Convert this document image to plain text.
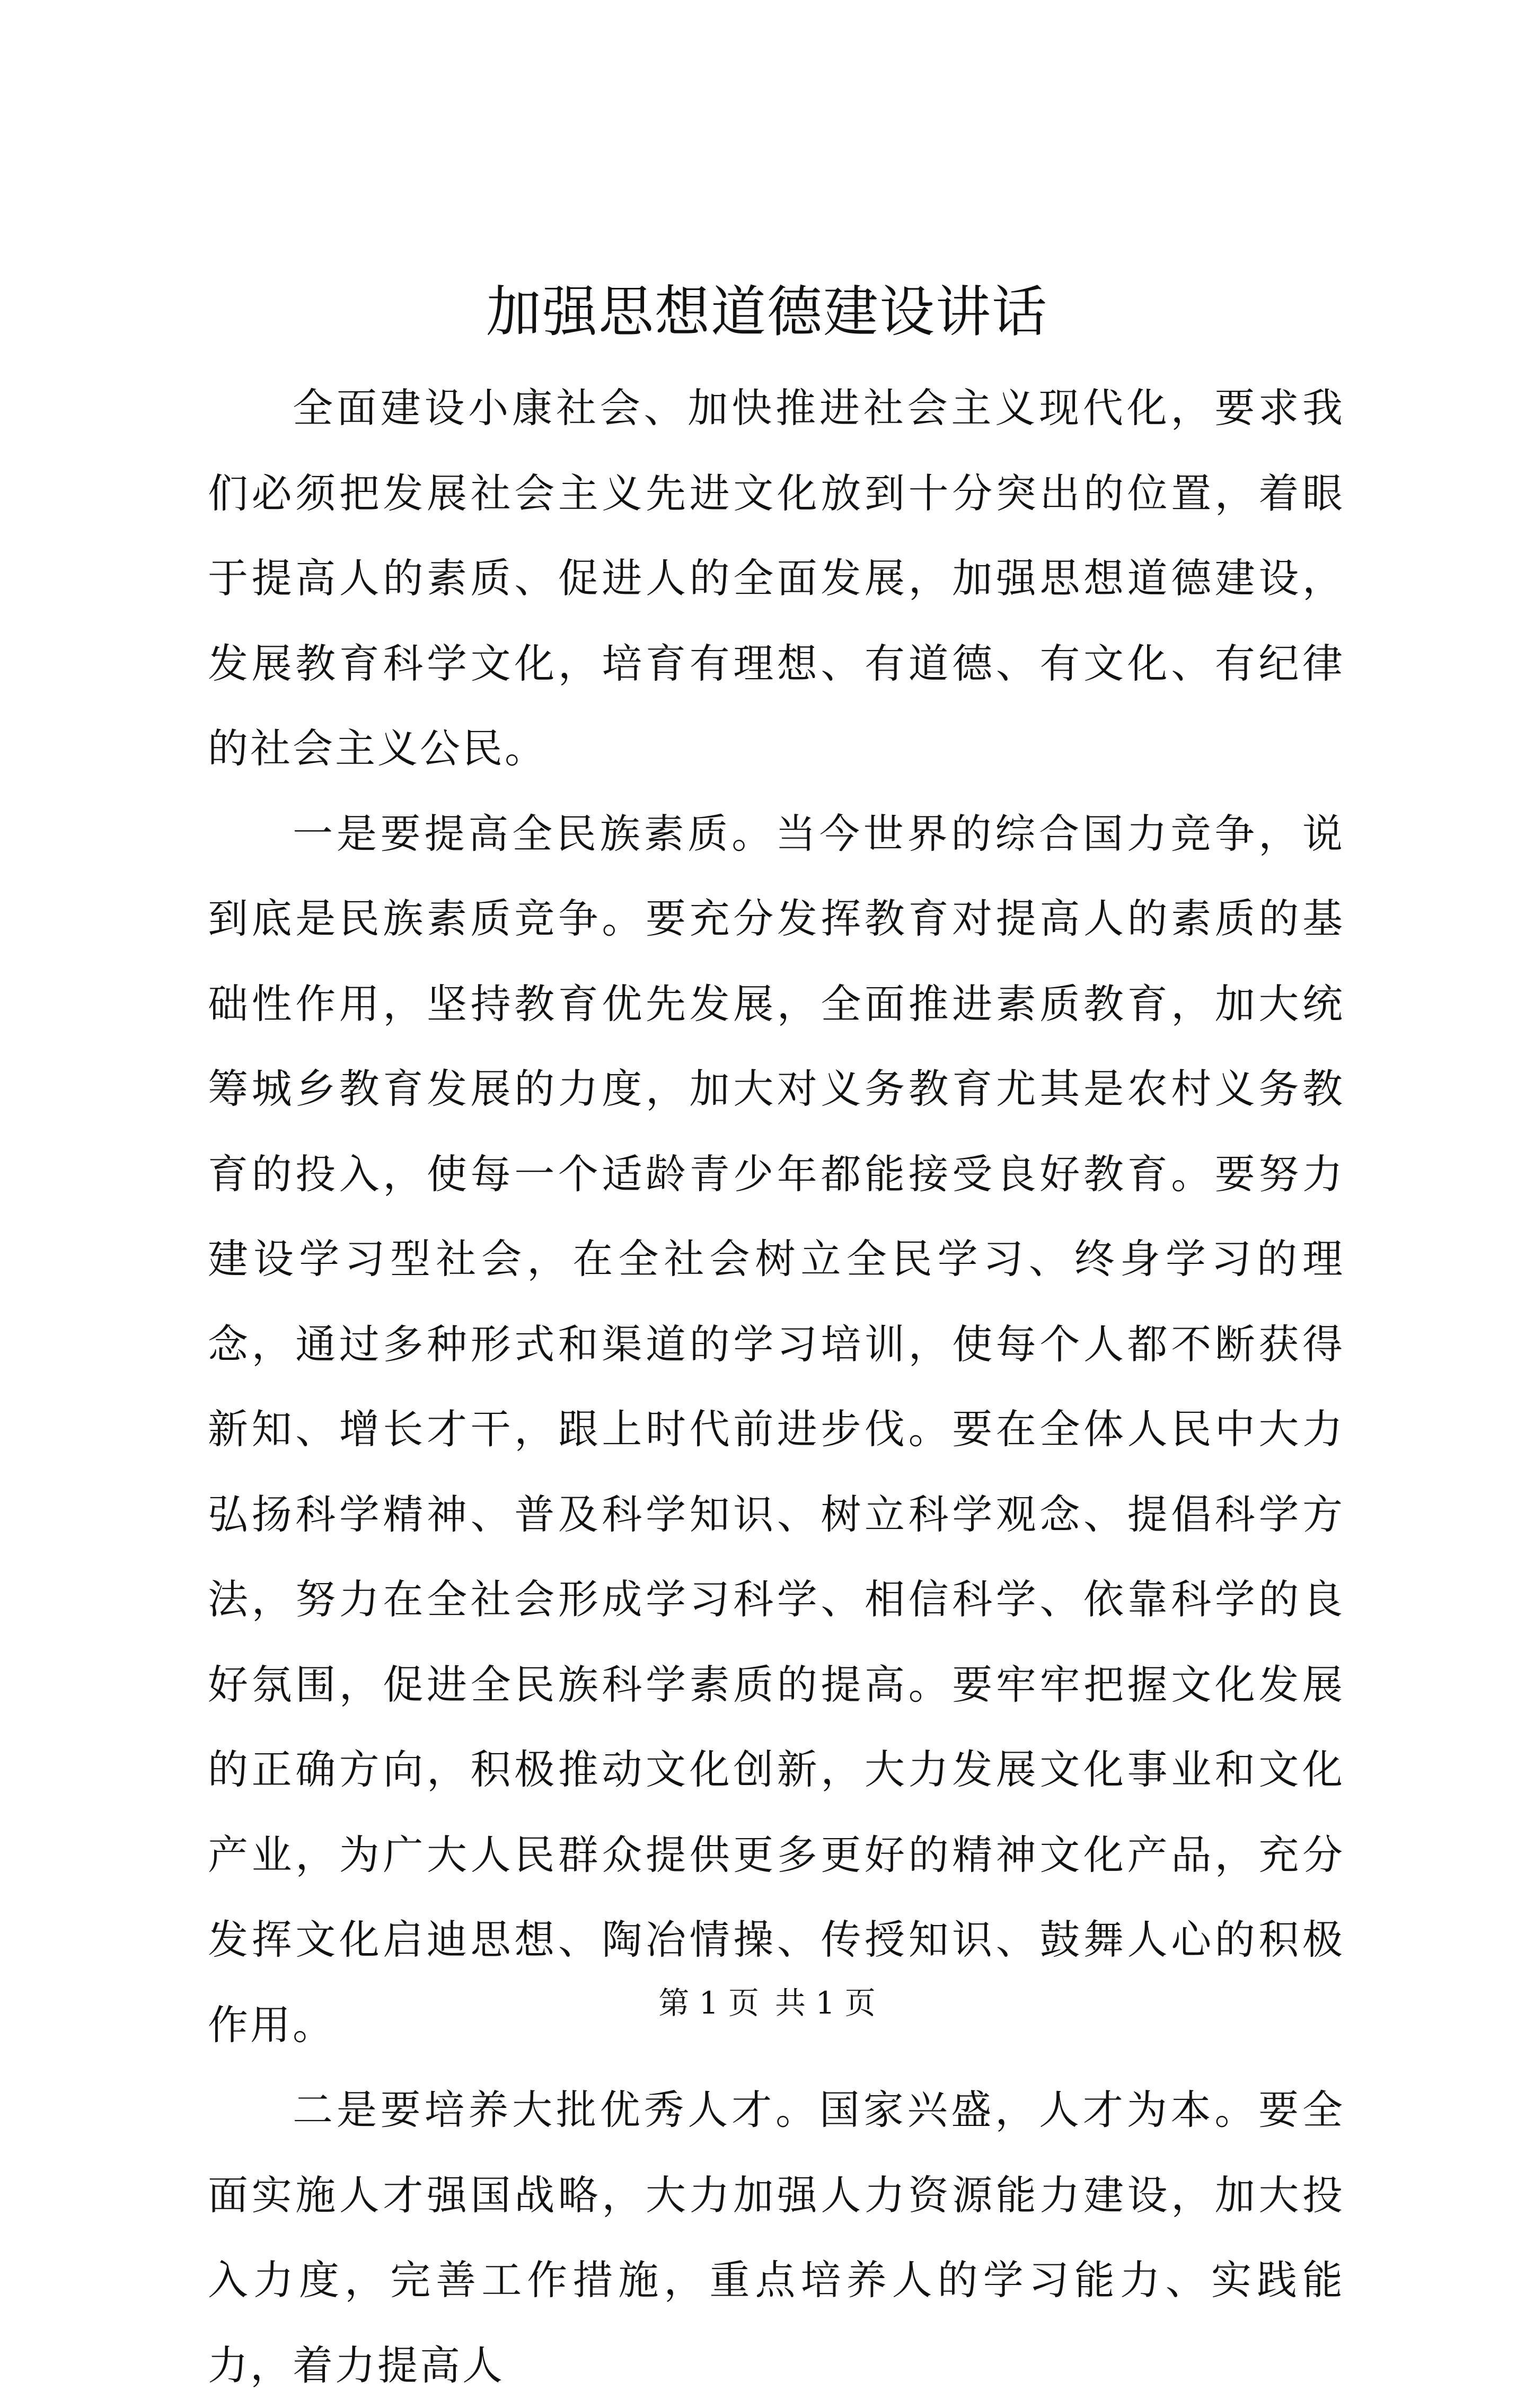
加强思想道德建设讲话

全面建设小康社会、加快推进社会主义现代化，要求我们必须把发展社会主义先进文化放到十分突出的位置，着眼于提高人的素质、促进人的全面发展，加强思想道德建设，发展教育科学文化，培育有理想、有道德、有文化、有纪律的社会主义公民。

一是要提高全民族素质。当今世界的综合国力竞争，说到底是民族素质竞争。要充分发挥教育对提高人的素质的基础性作用，坚持教育优先发展，全面推进素质教育，加大统筹城乡教育发展的力度，加大对义务教育尤其是农村义务教育的投入，使每一个适龄青少年都能接受良好教育。要努力建设学习型社会，在全社会树立全民学习、终身学习的理念，通过多种形式和渠道的学习培训，使每个人都不断获得新知、增长才干，跟上时代前进步伐。要在全体人民中大力弘扬科学精神、普及科学知识、树立科学观念、提倡科学方法，努力在全社会形成学习科学、相信科学、依靠科学的良好氛围，促进全民族科学素质的提高。要牢牢把握文化发展的正确方向，积极推动文化创新，大力发展文化事业和文化产业，为广大人民群众提供更多更好的精神文化产品，充分发挥文化启迪思想、陶冶情操、传授知识、鼓舞人心的积极作用。

二是要培养大批优秀人才。国家兴盛，人才为本。要全面实施人才强国战略，大力加强人力资源能力建设，加大投入力度，完善工作措施，重点培养人的学习能力、实践能力，着力提高人

第 1 页 共 1 页
